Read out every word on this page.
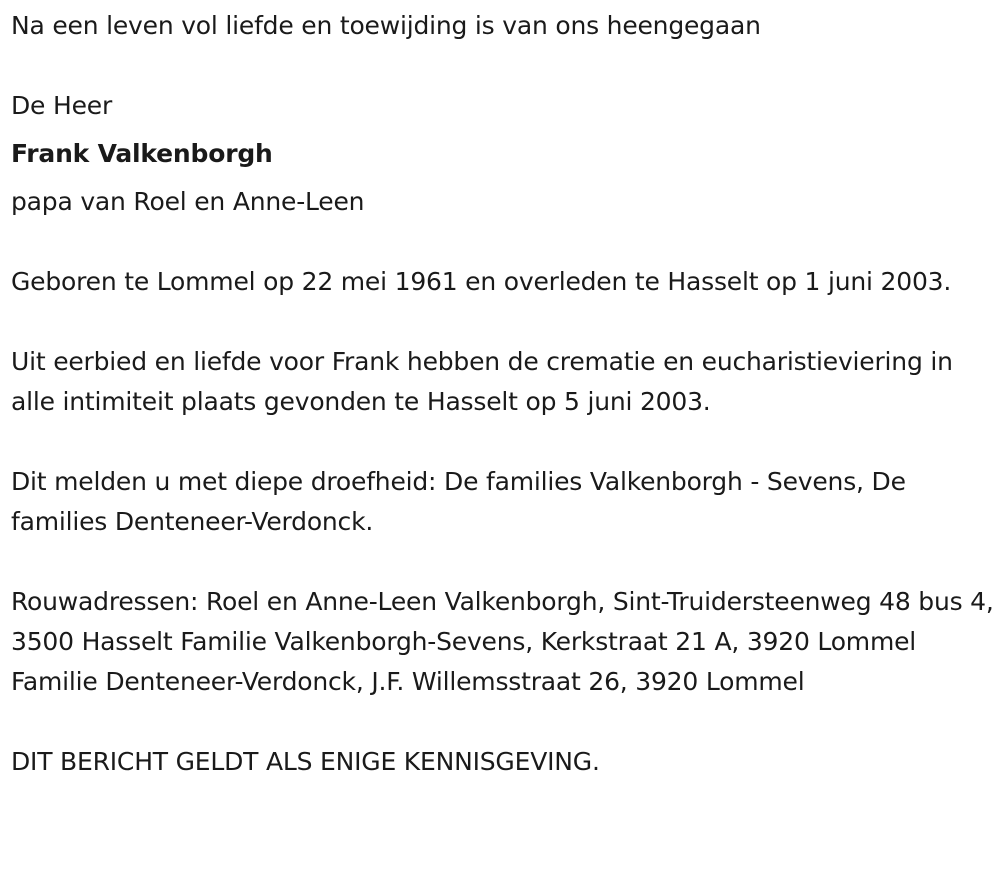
Na een leven vol liefde en toewijding is van ons heengegaan

De Heer

Frank Valkenborgh

papa van Roel en Anne-Leen

Geboren te Lommel op 22 mei 1961 en overleden te Hasselt op 1 juni 2003.

Uit eerbied en liefde voor Frank hebben de crematie en eucharistieviering in alle intimiteit plaats gevonden te Hasselt op 5 juni 2003.

Dit melden u met diepe droefheid: De families Valkenborgh - Sevens, De families Denteneer-Verdonck.

Rouwadressen: Roel en Anne-Leen Valkenborgh, Sint-Truidersteenweg 48 bus 4, 3500 Hasselt Familie Valkenborgh-Sevens, Kerkstraat 21 A, 3920 Lommel Familie Denteneer-Verdonck, J.F. Willemsstraat 26, 3920 Lommel

DIT BERICHT GELDT ALS ENIGE KENNISGEVING.
